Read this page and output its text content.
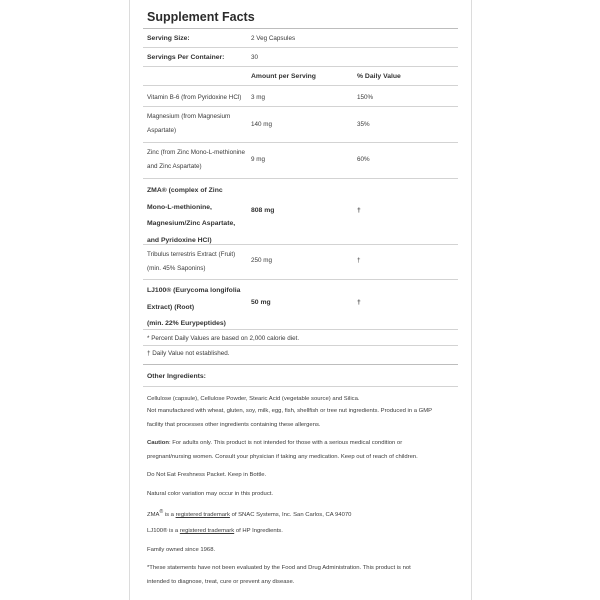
Supplement Facts
Serving Size:	2 Veg Capsules
Servings Per Container:	30
Amount per Serving	% Daily Value
Vitamin B-6 (from Pyridoxine HCl) 3 mg	150%
Magnesium (from Magnesium
Aspartate)
140 mg	35%
Zinc (from Zinc Mono-L-methionine
and Zinc Aspartate)
9 mg	60%
ZMA® (complex of Zinc
Mono-L-methionine,
Magnesium/Zinc Aspartate,
and Pyridoxine HCl)
808 mg	†
Tribulus terrestris Extract (Fruit)
(min. 45% Saponins)
250 mg	†
LJ100® (Eurycoma longifolia
Extract) (Root)
(min. 22% Eurypeptides)
50 mg	†
* Percent Daily Values are based on 2,000 calorie diet.
† Daily Value not established.
Other Ingredients:
Cellulose (capsule), Cellulose Powder, Stearic Acid (vegetable source) and Silica.
Not manufactured with wheat, gluten, soy, milk, egg, fish, shellfish or tree nut ingredients. Produced in a GMP
facility that processes other ingredients containing these allergens.
Caution: For adults only. This product is not intended for those with a serious medical condition or
pregnant/nursing women. Consult your physician if taking any medication. Keep out of reach of children.
Do Not Eat Freshness Packet. Keep in Bottle.
Natural color variation may occur in this product.
ZMA® is a registered trademark of SNAC Systems, Inc. San Carlos, CA 94070
LJ100® is a registered trademark of HP Ingredients.
Family owned since 1968.
*These statements have not been evaluated by the Food and Drug Administration. This product is not
intended to diagnose, treat, cure or prevent any disease.
